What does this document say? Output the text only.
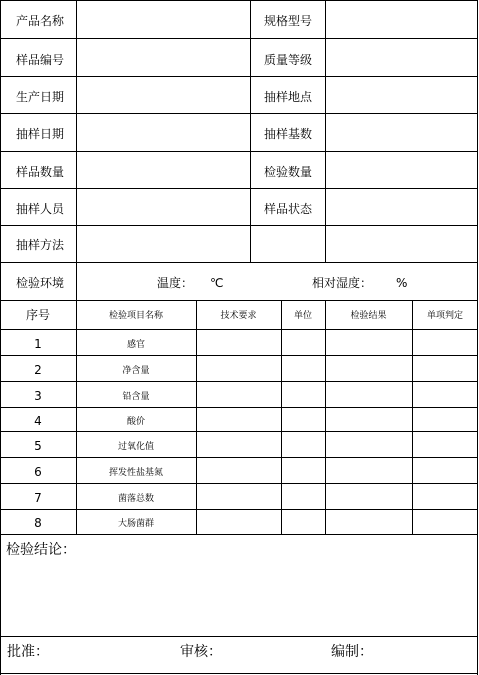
产品名称	规格型号
样品编号	质量等级
生产日期	抽样地点
抽样日期	抽样基数
样品数量	检验数量
抽样人员	样品状态
抽样方法
检验环境	温度： ℃	相对湿度： %
序号	检验项目名称	技术要求	单位	检验结果	单项判定
1	感官
2	净含量
3	铅含量
4	酸价
5	过氧化值
6	挥发性盐基氮
7	菌落总数
8	大肠菌群
检验结论：
批准：	审核：	编制：
